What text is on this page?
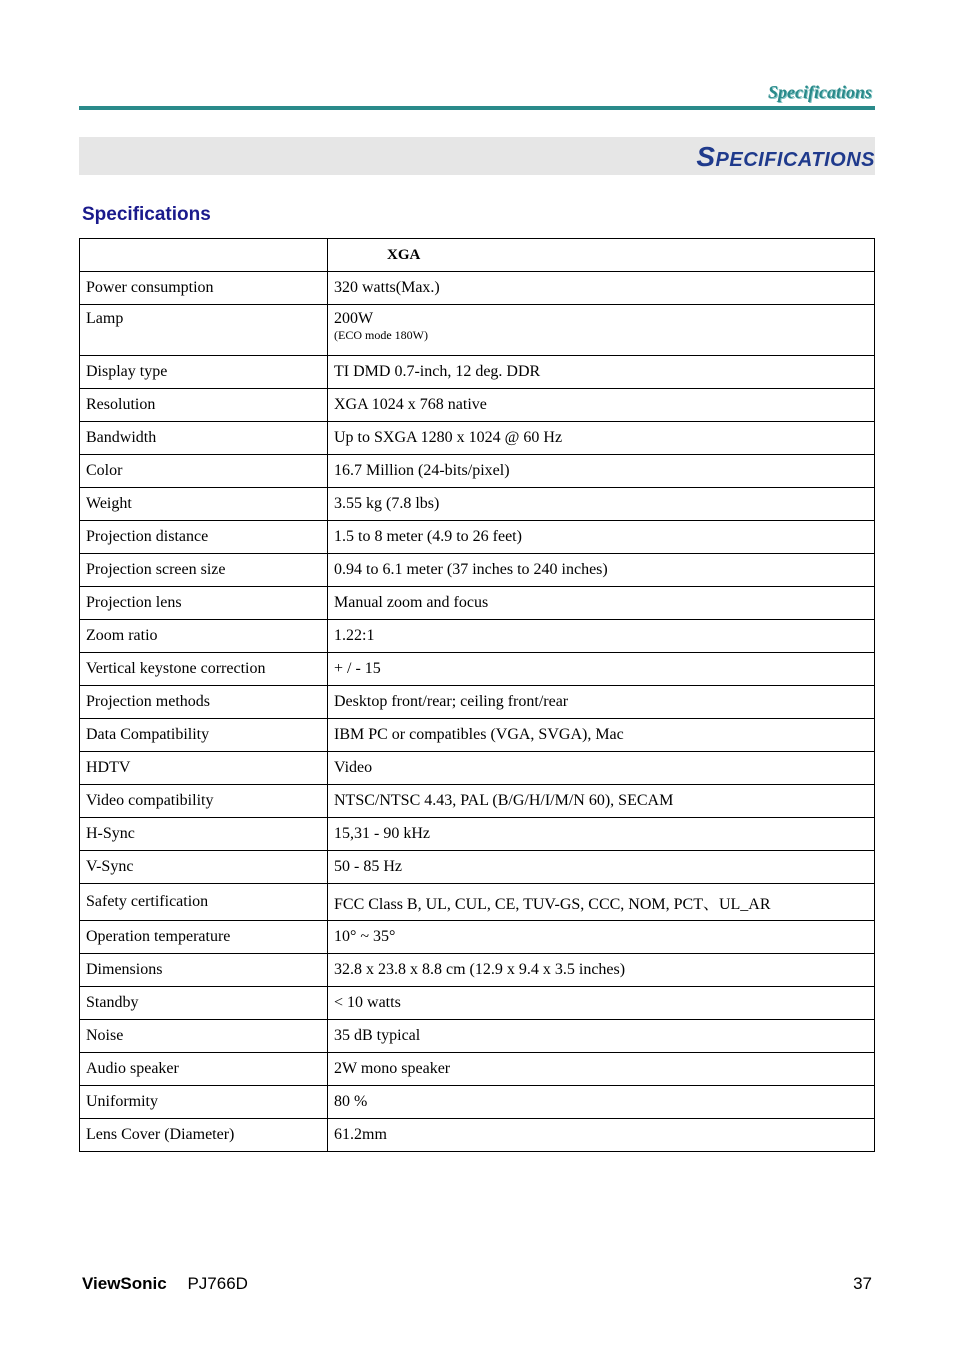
Specifications
Specifications
Specifications
	XGA
Power consumption	320 watts(Max.)
Lamp	200W
(ECO mode 180W)

Display type	TI DMD 0.7-inch, 12 deg. DDR
Resolution	XGA 1024 x 768 native
Bandwidth	Up to SXGA 1280 x 1024 @ 60 Hz
Color	16.7 Million (24-bits/pixel)
Weight	3.55 kg (7.8 lbs)
Projection distance	1.5 to 8 meter (4.9 to 26 feet)
Projection screen size	0.94 to 6.1 meter (37 inches to 240 inches)
Projection lens	Manual zoom and focus
Zoom ratio	1.22:1
Vertical keystone correction	+ / - 15
Projection methods	Desktop front/rear; ceiling front/rear
Data Compatibility	IBM PC or compatibles (VGA, SVGA), Mac
HDTV	Video
Video compatibility	NTSC/NTSC 4.43, PAL (B/G/H/I/M/N 60), SECAM
H-Sync	15,31 - 90 kHz
V-Sync	50 - 85 Hz
Safety certification	FCC Class B, UL, CUL, CE, TUV-GS, CCC, NOM, PCT、UL_AR
Operation temperature	10° ~ 35°
Dimensions	32.8 x 23.8 x 8.8 cm (12.9 x 9.4 x 3.5 inches)
Standby	< 10 watts
Noise	35 dB typical
Audio speaker	2W mono speaker
Uniformity	80 %
Lens Cover (Diameter)	61.2mm
ViewSonic PJ766D	37
